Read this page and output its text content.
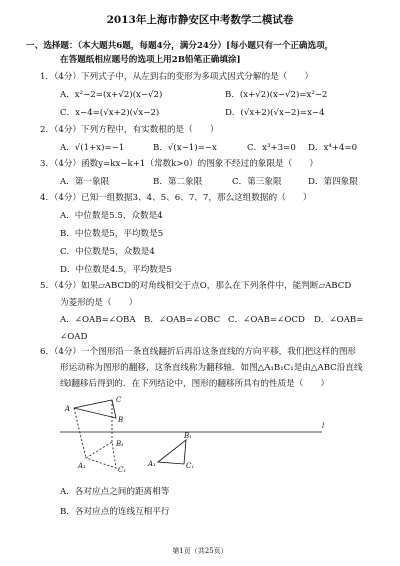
2013年上海市静安区中考数学二模试卷
一、选择题：（本大题共6题，每题4分，满分24分）[每小题只有一个正确选项，
在答题纸相应题号的选项上用2B铅笔正确填涂]
1．（4分）下列式子中，从左到右的变形为多项式因式分解的是（　　）
A．x²−2=(x+√2)(x−√2)	B．(x+√2)(x−√2)=x²−2
C．x−4=(√x+2)(√x−2)	D．(√x+2)(√x−2)=x−4
2．（4分）下列方程中，有实数根的是（　　）
A．√(1+x)=−1	B．√(x−1)=−x	C．x³+3=0 D．x⁴+4=0
3．（4分）函数y=kx−k+1（常数k>0）的图象不经过的象限是（　　）
A．第一象限	B．第二象限	C．第三象限	D．第四象限
4．（4分）已知一组数据3、4、5、6、7、7，那么这组数据的（　　）
A．中位数是5.5，众数是4
B．中位数是5，平均数是5
C．中位数是5，众数是4
D．中位数是4.5，平均数是5
5．（4分）如果▱ABCD的对角线相交于点O，那么在下列条件中，能判断▱ABCD
为菱形的是（　　）
A．∠OAB=∠OBA B．∠OAB=∠OBC C．∠OAB=∠OCD D．∠OAB=
∠OAD
6．（4分）一个图形沿一条直线翻折后再沿这条直线的方向平移，我们把这样的图形
形运动称为图形的翻移，这条直线称为翻移轴．如图△A₁B₁C₁是由△ABC沿直线
线l翻移后得到的．在下列结论中，图形的翻移所具有的性质是（　　）
A
C
B
A₁
B₁
C₁
A₁
B₁
C₁
l
A．各对应点之间的距离相等
B．各对应点的连线互相平行
第1页（共25页）
